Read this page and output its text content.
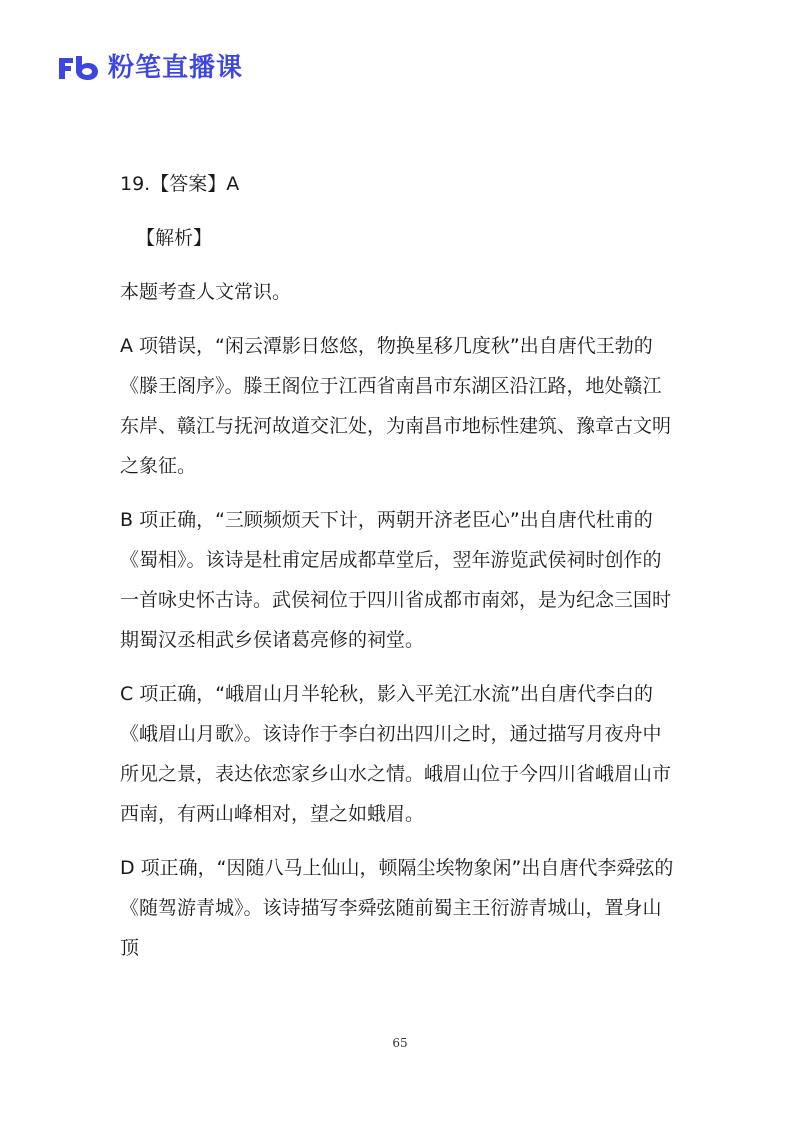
粉笔直播课

19.【答案】A

【解析】

本题考查人文常识。

A 项错误，“闲云潭影日悠悠，物换星移几度秋”出自唐代王勃的《滕王阁序》。滕王阁位于江西省南昌市东湖区沿江路，地处赣江东岸、赣江与抚河故道交汇处，为南昌市地标性建筑、豫章古文明之象征。

B 项正确，“三顾频烦天下计，两朝开济老臣心”出自唐代杜甫的《蜀相》。该诗是杜甫定居成都草堂后，翌年游览武侯祠时创作的一首咏史怀古诗。武侯祠位于四川省成都市南郊，是为纪念三国时期蜀汉丞相武乡侯诸葛亮修的祠堂。

C 项正确，“峨眉山月半轮秋，影入平羌江水流”出自唐代李白的《峨眉山月歌》。该诗作于李白初出四川之时，通过描写月夜舟中所见之景，表达依恋家乡山水之情。峨眉山位于今四川省峨眉山市西南，有两山峰相对，望之如蛾眉。

D 项正确，“因随八马上仙山，顿隔尘埃物象闲”出自唐代李舜弦的《随驾游青城》。该诗描写李舜弦随前蜀主王衍游青城山，置身山顶

65
